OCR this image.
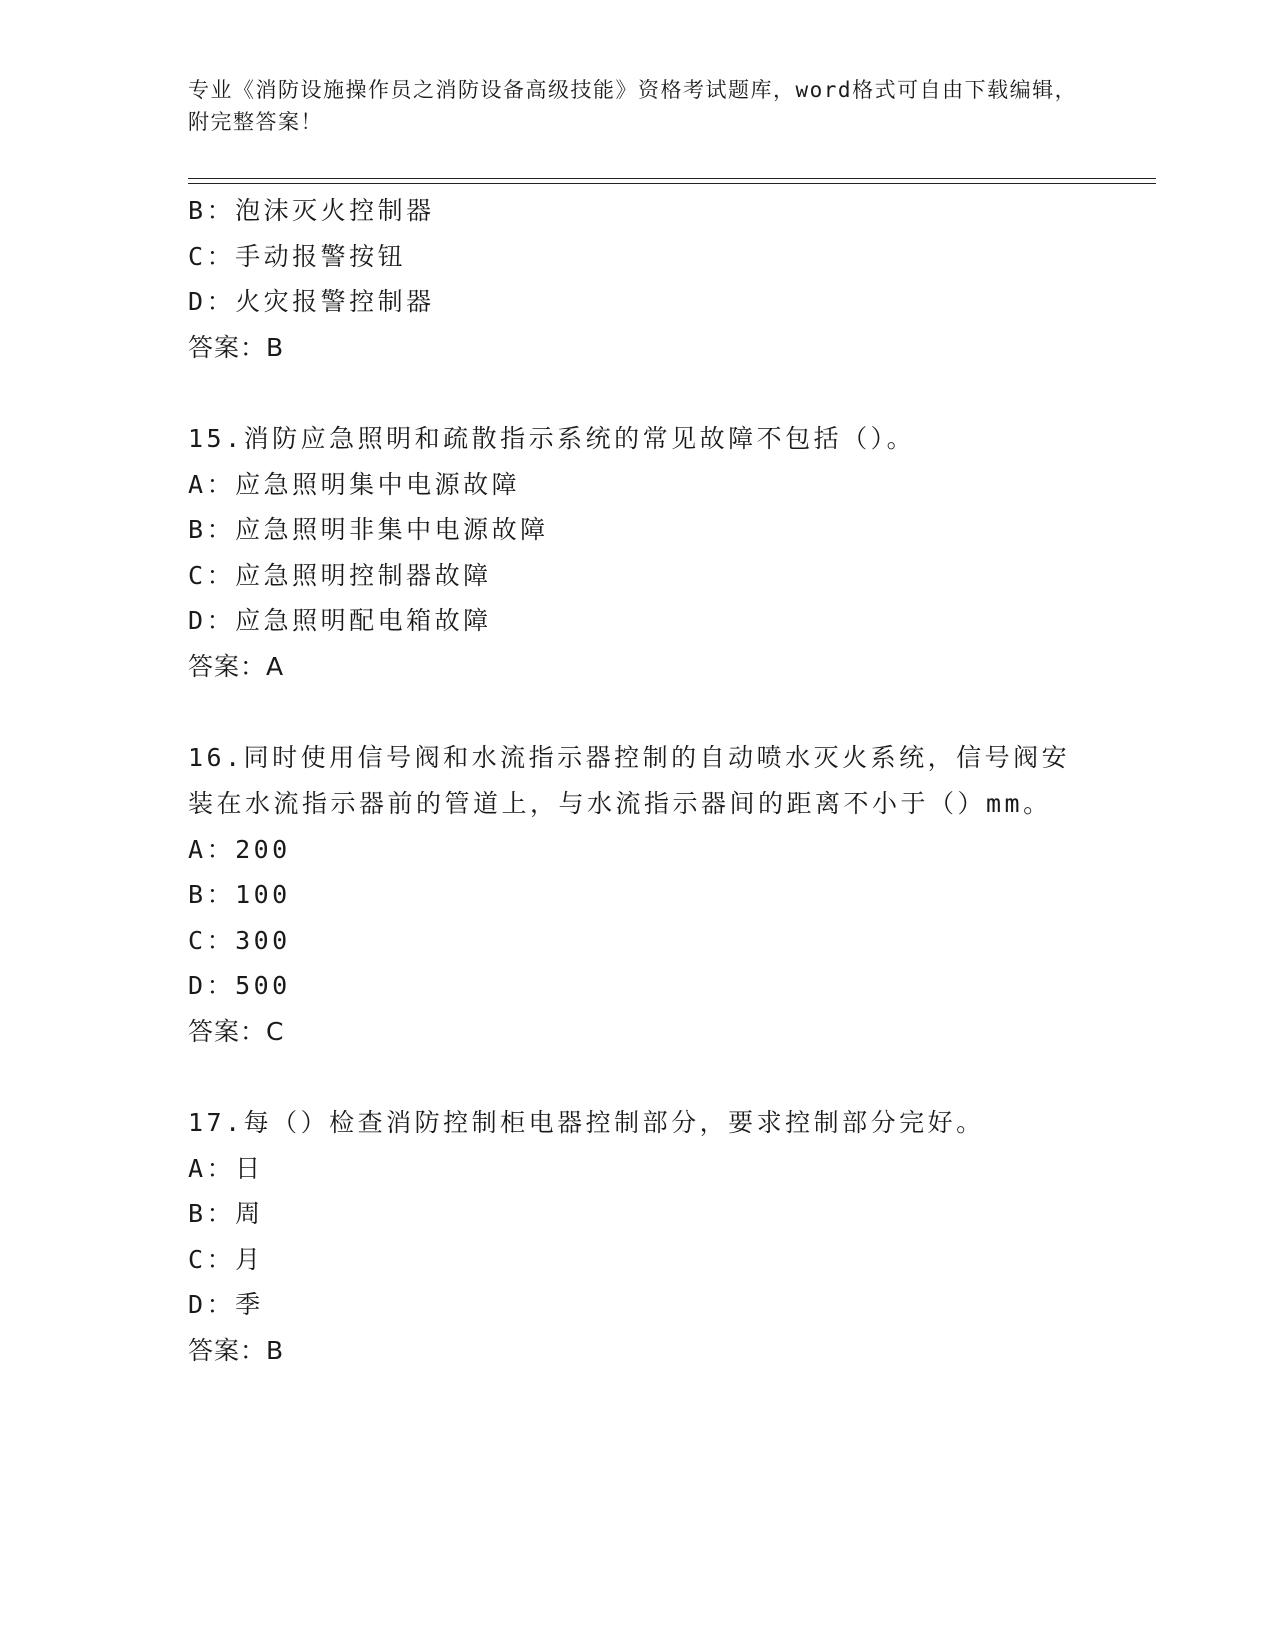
专业《消防设施操作员之消防设备高级技能》资格考试题库，word格式可自由下载编辑，附完整答案！
B：泡沫灭火控制器
C：手动报警按钮
D：火灾报警控制器
答案：B
15.消防应急照明和疏散指示系统的常见故障不包括（）。
A：应急照明集中电源故障
B：应急照明非集中电源故障
C：应急照明控制器故障
D：应急照明配电箱故障
答案：A
16.同时使用信号阀和水流指示器控制的自动喷水灭火系统，信号阀安装在水流指示器前的管道上，与水流指示器间的距离不小于（）mm。
A：200
B：100
C：300
D：500
答案：C
17.每（）检查消防控制柜电器控制部分，要求控制部分完好。
A：日
B：周
C：月
D：季
答案：B
